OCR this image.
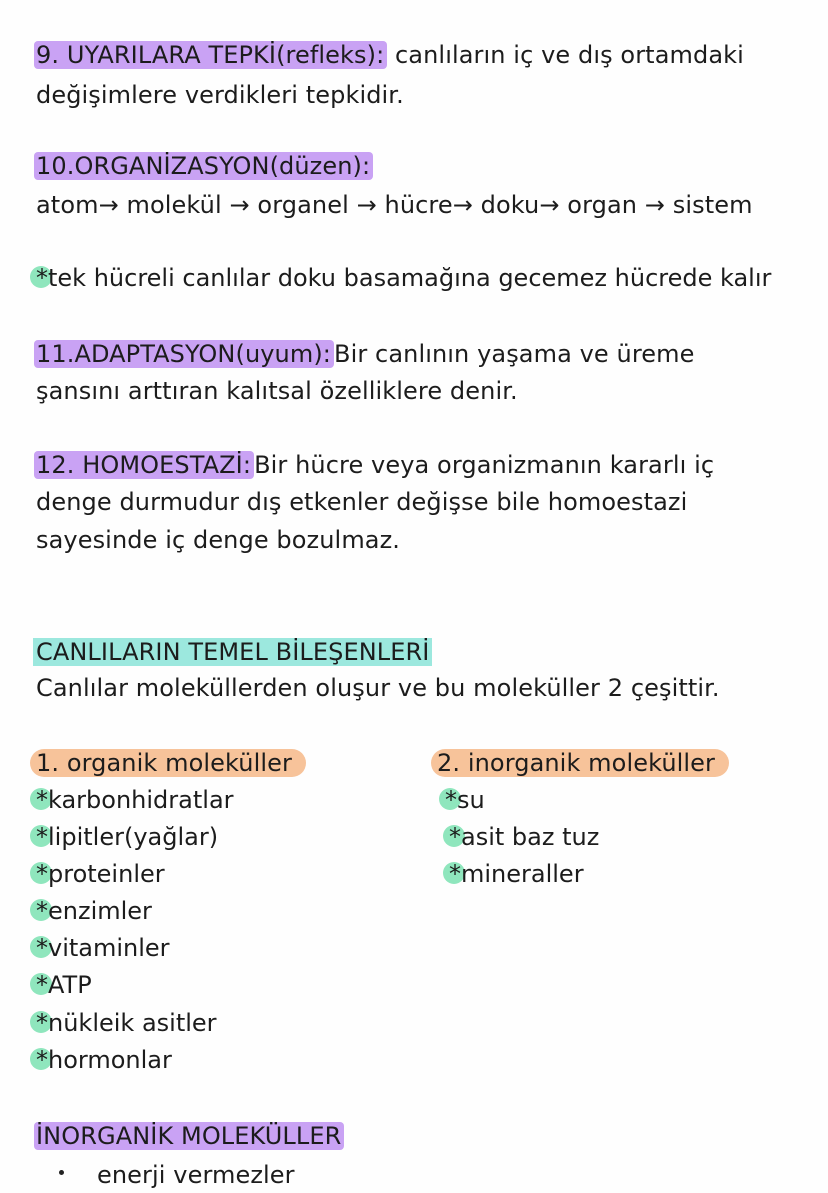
9. UYARILARA TEPKİ(refleks): canlıların iç ve dış ortamdaki
değişimlere verdikleri tepkidir.
10.ORGANİZASYON(düzen):
atom→ molekül → organel → hücre→ doku→ organ → sistem
*tek hücreli canlılar doku basamağına gecemez hücrede kalır
11.ADAPTASYON(uyum): Bir canlının yaşama ve üreme
şansını arttıran kalıtsal özelliklere denir.
12. HOMOESTAZİ: Bir hücre veya organizmanın kararlı iç
denge durmudur dış etkenler değişse bile homoestazi
sayesinde iç denge bozulmaz.
CANLILARIN TEMEL BİLEŞENLERİ
Canlılar moleküllerden oluşur ve bu moleküller 2 çeşittir.
1. organik moleküller
*karbonhidratlar
*lipitler(yağlar)
*proteinler
*enzimler
*vitaminler
*ATP
*nükleik asitler
*hormonlar
2. inorganik moleküller
*su
*asit baz tuz
*mineraller
İNORGANİK MOLEKÜLLER
enerji vermezler
